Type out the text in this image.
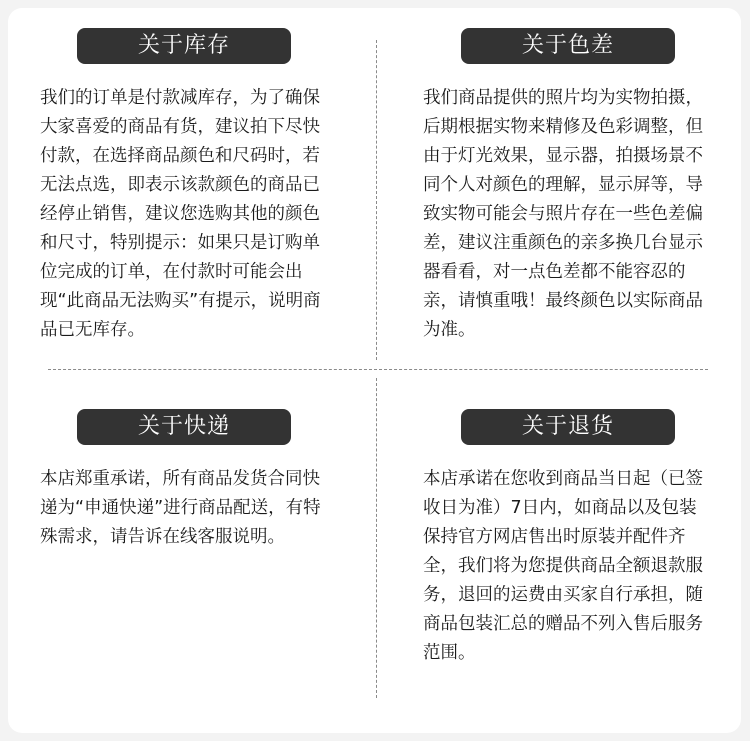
关于库存
我们的订单是付款减库存，为了确保大家喜爱的商品有货，建议拍下尽快付款，在选择商品颜色和尺码时，若无法点选，即表示该款颜色的商品已经停止销售，建议您选购其他的颜色和尺寸，特别提示：如果只是订购单位完成的订单，在付款时可能会出现“此商品无法购买”有提示，说明商品已无库存。
关于色差
我们商品提供的照片均为实物拍摄，后期根据实物来精修及色彩调整，但由于灯光效果，显示器，拍摄场景不同个人对颜色的理解，显示屏等，导致实物可能会与照片存在一些色差偏差，建议注重颜色的亲多换几台显示器看看，对一点色差都不能容忍的亲，请慎重哦！最终颜色以实际商品为准。
关于快递
本店郑重承诺，所有商品发货合同快递为“申通快递”进行商品配送，有特殊需求，请告诉在线客服说明。
关于退货
本店承诺在您收到商品当日起（已签收日为准）7日内，如商品以及包装保持官方网店售出时原装并配件齐全，我们将为您提供商品全额退款服务，退回的运费由买家自行承担，随商品包装汇总的赠品不列入售后服务范围。
